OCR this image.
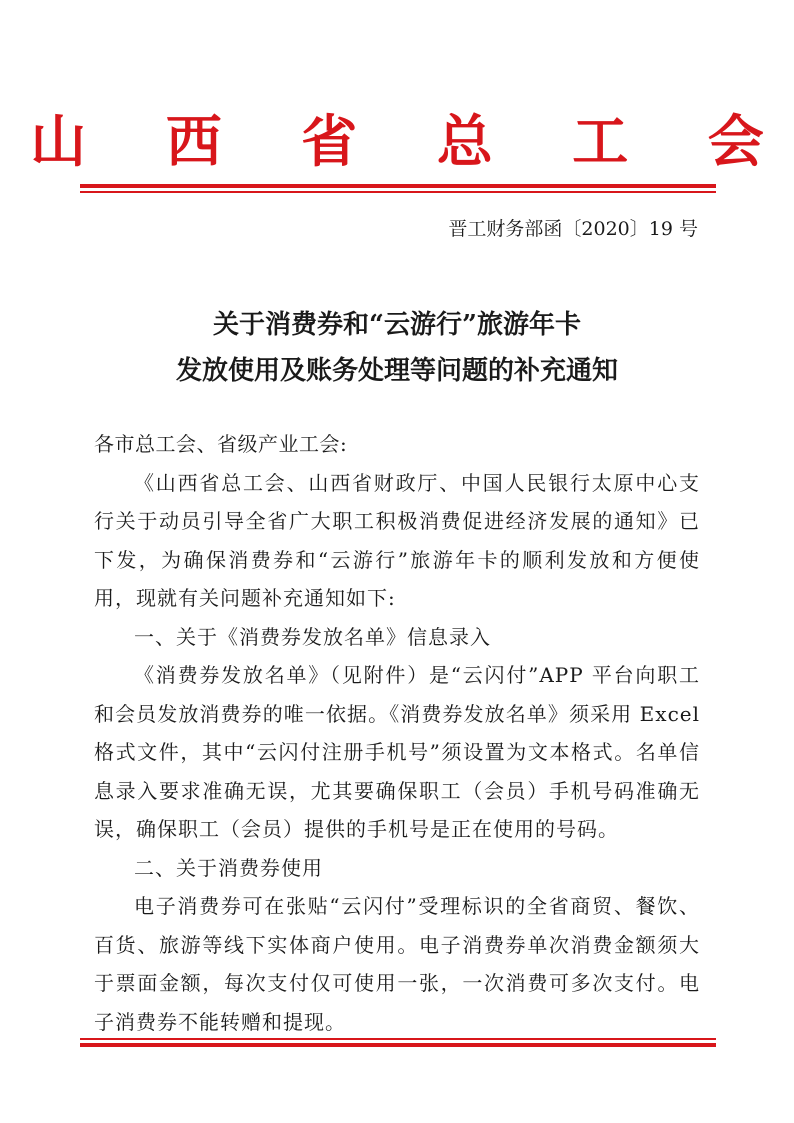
山 西 省 总 工 会
晋工财务部函〔2020〕19 号
关于消费券和“云游行”旅游年卡
发放使用及账务处理等问题的补充通知

各市总工会、省级产业工会:

《山西省总工会、山西省财政厅、中国人民银行太原中心支行关于动员引导全省广大职工积极消费促进经济发展的通知》已下发，为确保消费券和“云游行”旅游年卡的顺利发放和方便使用，现就有关问题补充通知如下:

一、关于《消费券发放名单》信息录入

《消费券发放名单》（见附件）是“云闪付”APP 平台向职工和会员发放消费券的唯一依据。《消费券发放名单》须采用 Excel 格式文件，其中“云闪付注册手机号”须设置为文本格式。名单信息录入要求准确无误，尤其要确保职工（会员）手机号码准确无误，确保职工（会员）提供的手机号是正在使用的号码。

二、关于消费券使用

电子消费券可在张贴“云闪付”受理标识的全省商贸、餐饮、百货、旅游等线下实体商户使用。电子消费券单次消费金额须大于票面金额，每次支付仅可使用一张，一次消费可多次支付。电子消费券不能转赠和提现。
